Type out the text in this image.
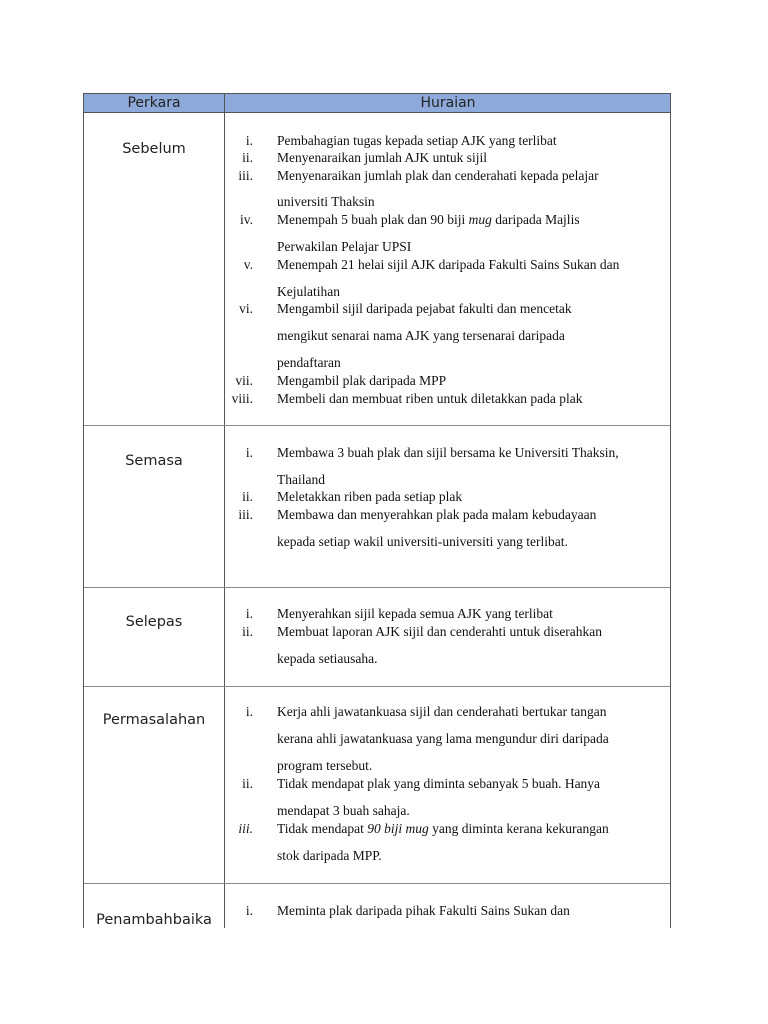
Perkara	Huraian
Sebelum
i. Pembahagian tugas kepada setiap AJK yang terlibat
ii. Menyenaraikan jumlah AJK untuk sijil
iii. Menyenaraikan jumlah plak dan cenderahati kepada pelajar
universiti Thaksin
iv. Menempah 5 buah plak dan 90 biji mug daripada Majlis
Perwakilan Pelajar UPSI
v. Menempah 21 helai sijil AJK daripada Fakulti Sains Sukan dan
Kejulatihan
vi. Mengambil sijil daripada pejabat fakulti dan mencetak
mengikut senarai nama AJK yang tersenarai daripada
pendaftaran
vii. Mengambil plak daripada MPP
viii. Membeli dan membuat riben untuk diletakkan pada plak
Semasa
i. Membawa 3 buah plak dan sijil bersama ke Universiti Thaksin,
Thailand
ii. Meletakkan riben pada setiap plak
iii. Membawa dan menyerahkan plak pada malam kebudayaan
kepada setiap wakil universiti-universiti yang terlibat.
Selepas
i. Menyerahkan sijil kepada semua AJK yang terlibat
ii. Membuat laporan AJK sijil dan cenderahti untuk diserahkan
kepada setiausaha.
Permasalahan
i. Kerja ahli jawatankuasa sijil dan cenderahati bertukar tangan
kerana ahli jawatankuasa yang lama mengundur diri daripada
program tersebut.
ii. Tidak mendapat plak yang diminta sebanyak 5 buah. Hanya
mendapat 3 buah sahaja.
iii. Tidak mendapat 90 biji mug yang diminta kerana kekurangan
stok daripada MPP.
Penambahbaika
i. Meminta plak daripada pihak Fakulti Sains Sukan dan
